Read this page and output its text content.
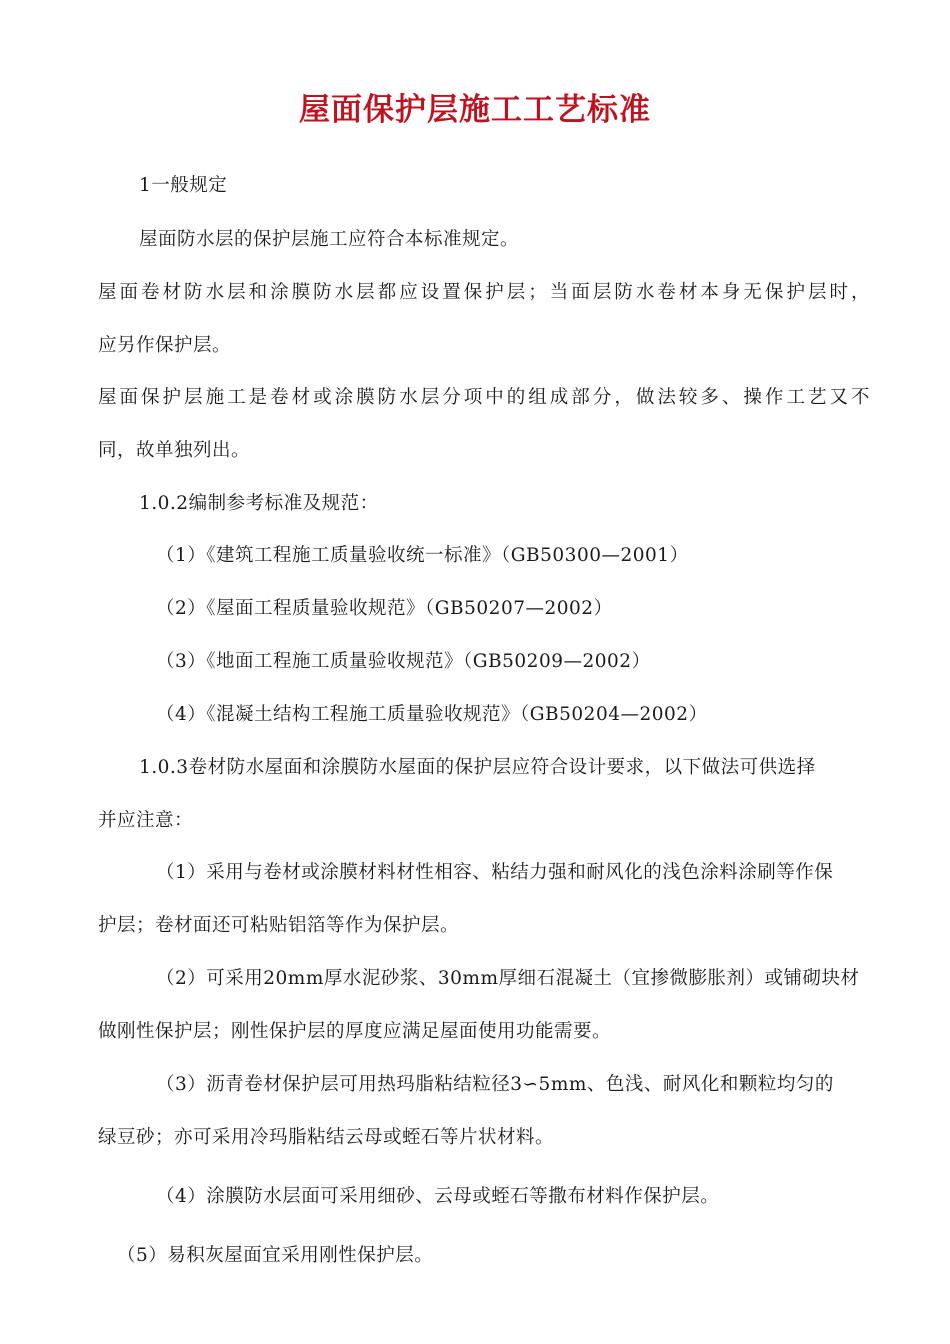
屋面保护层施工工艺标准
1一般规定
屋面防水层的保护层施工应符合本标准规定。
屋面卷材防水层和涂膜防水层都应设置保护层；当面层防水卷材本身无保护层时，
应另作保护层。
屋面保护层施工是卷材或涂膜防水层分项中的组成部分，做法较多、操作工艺又不
同，故单独列出。
1.0.2编制参考标准及规范：
（1）《建筑工程施工质量验收统一标准》（GB50300—2001）
（2）《屋面工程质量验收规范》（GB50207—2002）
（3）《地面工程施工质量验收规范》（GB50209—2002）
（4）《混凝土结构工程施工质量验收规范》（GB50204—2002）
1.0.3卷材防水屋面和涂膜防水屋面的保护层应符合设计要求，以下做法可供选择
并应注意：
（1）采用与卷材或涂膜材料材性相容、粘结力强和耐风化的浅色涂料涂刷等作保
护层；卷材面还可粘贴铝箔等作为保护层。
（2）可采用20mm厚水泥砂浆、30mm厚细石混凝土（宜掺微膨胀剂）或铺砌块材
做刚性保护层；刚性保护层的厚度应满足屋面使用功能需要。
（3）沥青卷材保护层可用热玛脂粘结粒径3∽5mm、色浅、耐风化和颗粒均匀的
绿豆砂；亦可采用冷玛脂粘结云母或蛭石等片状材料。
（4）涂膜防水层面可采用细砂、云母或蛭石等撒布材料作保护层。
（5）易积灰屋面宜采用刚性保护层。
